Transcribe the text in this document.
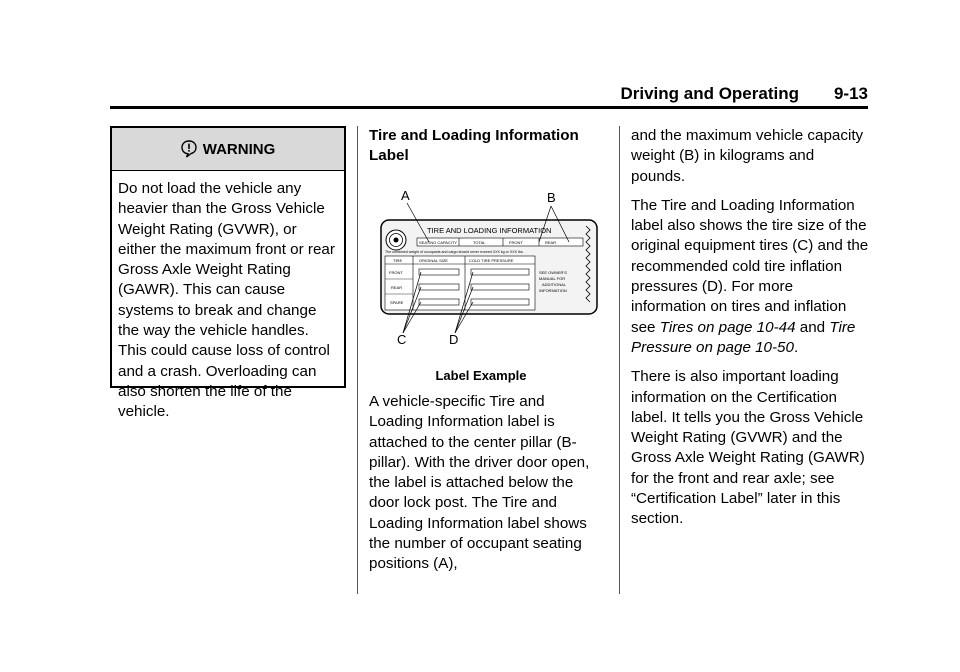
Driving and Operating 9-13
WARNING
Do not load the vehicle any heavier than the Gross Vehicle Weight Rating (GVWR), or either the maximum front or rear Gross Axle Weight Rating (GAWR). This can cause systems to break and change the way the vehicle handles. This could cause loss of control and a crash. Overloading can also shorten the life of the vehicle.

Tire and Loading Information Label

A	B
C	D
TIRE AND LOADING INFORMATION
SEATING CAPACITY	TOTAL	FRONT	REAR
The combined weight of occupants and cargo should never exceed XXX kg or XXX lbs.
TIRE	ORIGINAL SIZE	COLD TIRE PRESSURE
FRONT
REAR
SPARE
SEE OWNER'S
MANUAL FOR
ADDITIONAL
INFORMATION
Label Example

A vehicle-specific Tire and Loading Information label is attached to the center pillar (B-pillar). With the driver door open, the label is attached below the door lock post. The Tire and Loading Information label shows the number of occupant seating positions (A),

and the maximum vehicle capacity weight (B) in kilograms and pounds.

The Tire and Loading Information label also shows the tire size of the original equipment tires (C) and the recommended cold tire inflation pressures (D). For more information on tires and inflation see Tires on page 10-44 and Tire Pressure on page 10-50.

There is also important loading information on the Certification label. It tells you the Gross Vehicle Weight Rating (GVWR) and the Gross Axle Weight Rating (GAWR) for the front and rear axle; see “Certification Label” later in this section.
